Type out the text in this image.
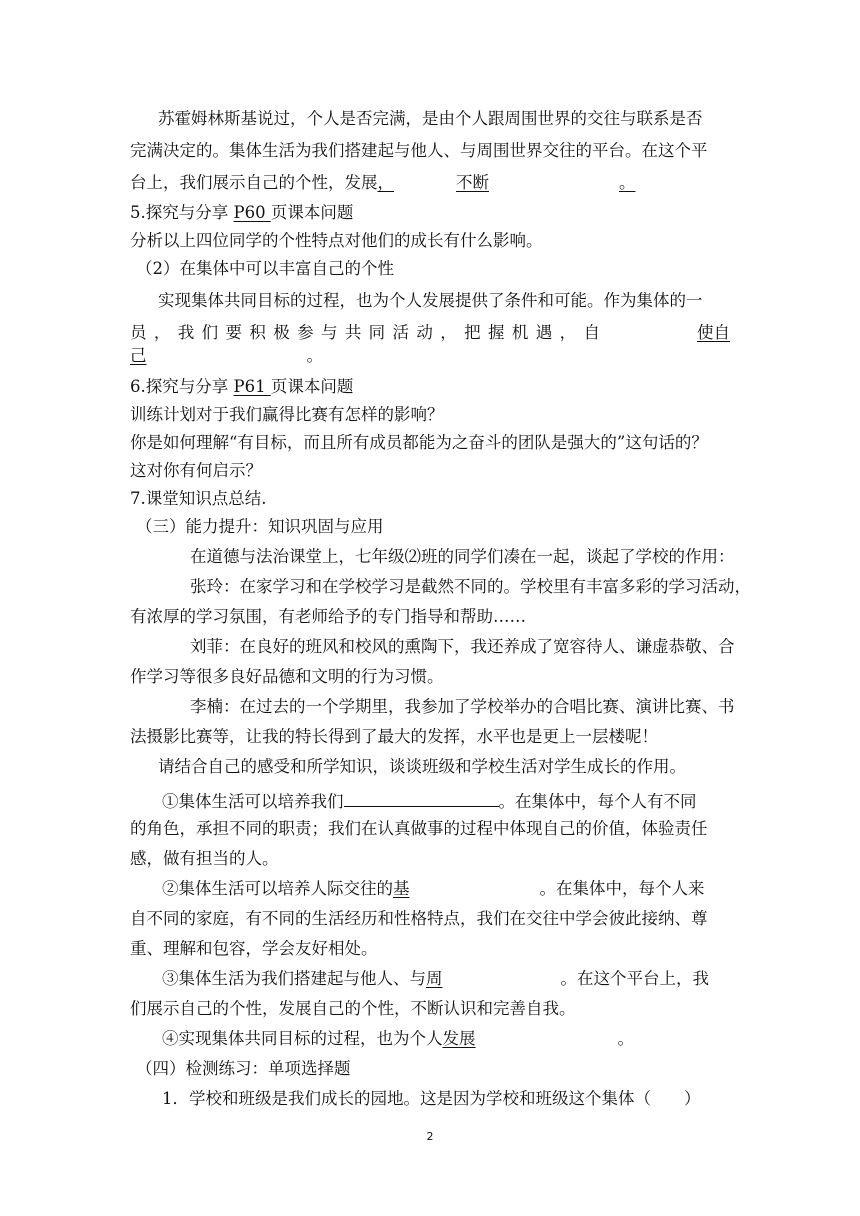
苏霍姆林斯基说过，个人是否完满，是由个人跟周围世界的交往与联系是否
完满决定的。集体生活为我们搭建起与他人、与周围世界交往的平台。在这个平
台上，我们展示自己的个性，发展，	不断	。
5.探究与分享 P60 页课本问题
分析以上四位同学的个性特点对他们的成长有什么影响。
（2）在集体中可以丰富自己的个性
实现集体共同目标的过程，也为个人发展提供了条件和可能。作为集体的一
员，我们要积极参与共同活动，把握机遇，自	使自
己	。
6.探究与分享 P61 页课本问题
训练计划对于我们赢得比赛有怎样的影响？
你是如何理解“有目标，而且所有成员都能为之奋斗的团队是强大的”这句话的？
这对你有何启示？
7.课堂知识点总结.
（三）能力提升：知识巩固与应用
在道德与法治课堂上，七年级⑵班的同学们凑在一起，谈起了学校的作用：
张玲：在家学习和在学校学习是截然不同的。学校里有丰富多彩的学习活动，
有浓厚的学习氛围，有老师给予的专门指导和帮助……
刘菲：在良好的班风和校风的熏陶下，我还养成了宽容待人、谦虚恭敬、合
作学习等很多良好品德和文明的行为习惯。
李楠：在过去的一个学期里，我参加了学校举办的合唱比赛、演讲比赛、书
法摄影比赛等，让我的特长得到了最大的发挥，水平也是更上一层楼呢！
请结合自己的感受和所学知识，谈谈班级和学校生活对学生成长的作用。
①集体生活可以培养我们	。在集体中，每个人有不同
的角色，承担不同的职责；我们在认真做事的过程中体现自己的价值，体验责任
感，做有担当的人。
②集体生活可以培养人际交往的基	。在集体中，每个人来
自不同的家庭，有不同的生活经历和性格特点，我们在交往中学会彼此接纳、尊
重、理解和包容，学会友好相处。
③集体生活为我们搭建起与他人、与周	。在这个平台上，我
们展示自己的个性，发展自己的个性，不断认识和完善自我。
④实现集体共同目标的过程，也为个人发展	。
（四）检测练习：单项选择题
1．学校和班级是我们成长的园地。这是因为学校和班级这个集体（　　）
2
